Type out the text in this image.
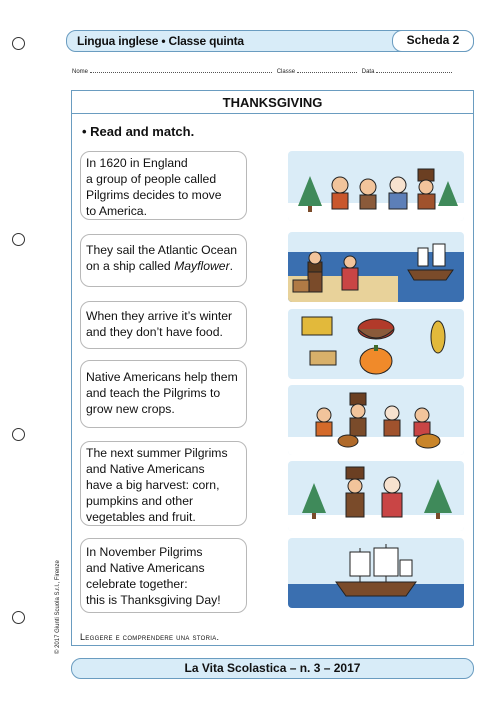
Lingua inglese • Classe quinta	Scheda 2
Nome	Classe	Data
THANKSGIVING
• Read and match.
In 1620 in England
a group of people called
Pilgrims decides to move
to America.
They sail the Atlantic Ocean
on a ship called Mayflower.
When they arrive it’s winter
and they don’t have food.
Native Americans help them
and teach the Pilgrims to
grow new crops.
The next summer Pilgrims
and Native Americans
have a big harvest: corn,
pumpkins and other
vegetables and fruit.
In November Pilgrims
and Native Americans
celebrate together:
this is Thanksgiving Day!
Leggere e comprendere una storia.
© 2017 Giunti Scuola S.r.l., Firenze
La Vita Scolastica – n. 3 – 2017
